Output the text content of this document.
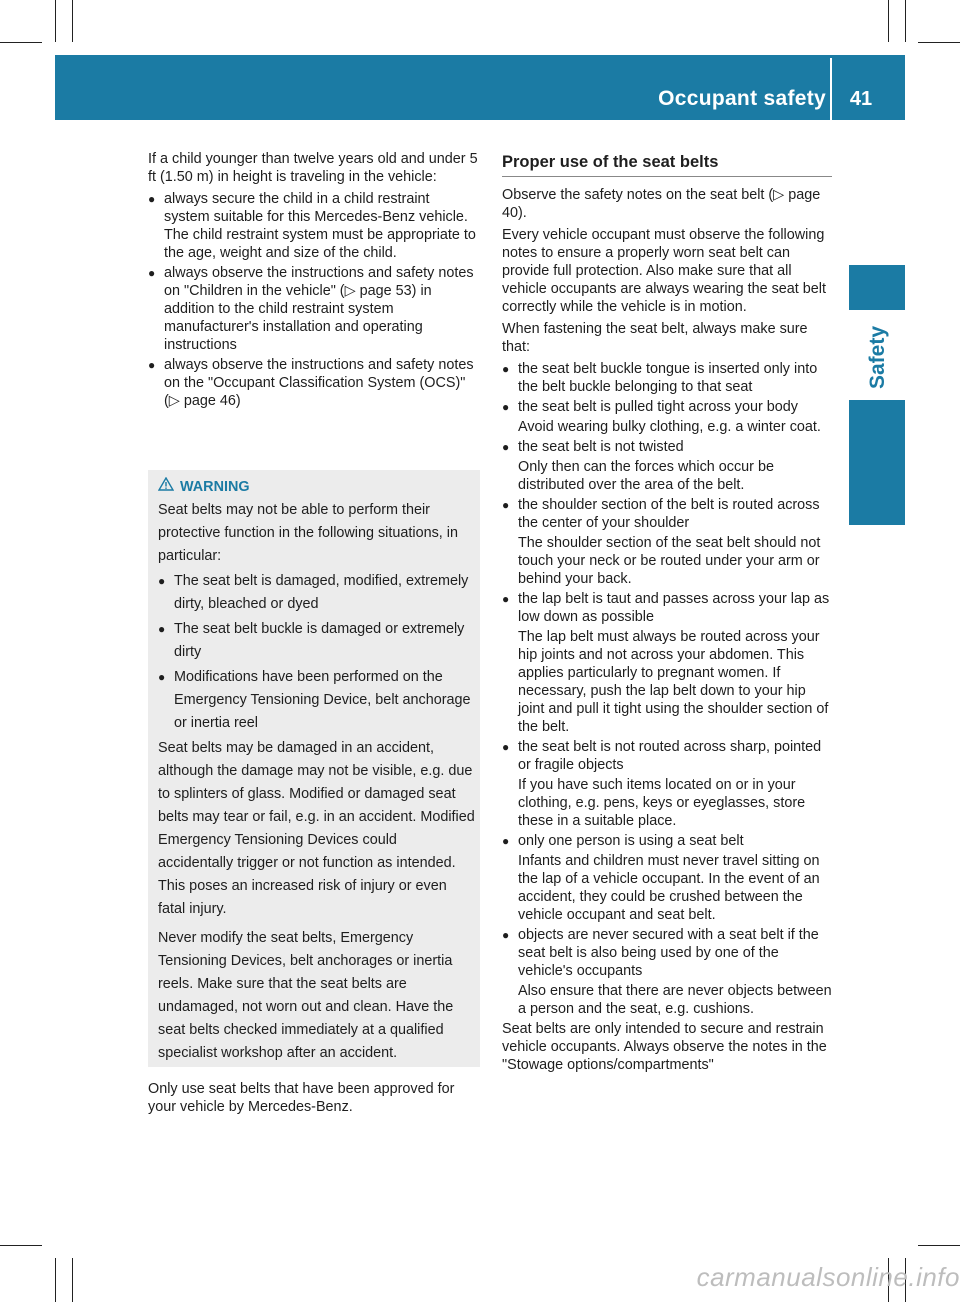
Occupant safety	41
Safety

If a child younger than twelve years old and under 5 ft (1.50 m) in height is traveling in the vehicle:

● always secure the child in a child restraint system suitable for this Mercedes-Benz vehicle. The child restraint system must be appropriate to the age, weight and size of the child.
● always observe the instructions and safety notes on "Children in the vehicle" (▷ page 53) in addition to the child restraint system manufacturer's installation and operating instructions
● always observe the instructions and safety notes on the "Occupant Classification System (OCS)" (▷ page 46)
WARNING

Seat belts may not be able to perform their protective function in the following situations, in particular:

● The seat belt is damaged, modified, extremely dirty, bleached or dyed
● The seat belt buckle is damaged or extremely dirty
● Modifications have been performed on the Emergency Tensioning Device, belt anchorage or inertia reel

Seat belts may be damaged in an accident, although the damage may not be visible, e.g. due to splinters of glass. Modified or damaged seat belts may tear or fail, e.g. in an accident. Modified Emergency Tensioning Devices could accidentally trigger or not function as intended. This poses an increased risk of injury or even fatal injury.

Never modify the seat belts, Emergency Tensioning Devices, belt anchorages or inertia reels. Make sure that the seat belts are undamaged, not worn out and clean. Have the seat belts checked immediately at a qualified specialist workshop after an accident.

Only use seat belts that have been approved for your vehicle by Mercedes-Benz.
Proper use of the seat belts

Observe the safety notes on the seat belt (▷ page 40).

Every vehicle occupant must observe the following notes to ensure a properly worn seat belt can provide full protection. Also make sure that all vehicle occupants are always wearing the seat belt correctly while the vehicle is in motion.

When fastening the seat belt, always make sure that:

● the seat belt buckle tongue is inserted only into the belt buckle belonging to that seat
● the seat belt is pulled tight across your body
Avoid wearing bulky clothing, e.g. a winter coat.
● the seat belt is not twisted
Only then can the forces which occur be distributed over the area of the belt.
● the shoulder section of the belt is routed across the center of your shoulder
The shoulder section of the seat belt should not touch your neck or be routed under your arm or behind your back.
● the lap belt is taut and passes across your lap as low down as possible
The lap belt must always be routed across your hip joints and not across your abdomen. This applies particularly to pregnant women. If necessary, push the lap belt down to your hip joint and pull it tight using the shoulder section of the belt.
● the seat belt is not routed across sharp, pointed or fragile objects
If you have such items located on or in your clothing, e.g. pens, keys or eyeglasses, store these in a suitable place.
● only one person is using a seat belt
Infants and children must never travel sitting on the lap of a vehicle occupant. In the event of an accident, they could be crushed between the vehicle occupant and seat belt.
● objects are never secured with a seat belt if the seat belt is also being used by one of the vehicle's occupants
Also ensure that there are never objects between a person and the seat, e.g. cushions.

Seat belts are only intended to secure and restrain vehicle occupants. Always observe the notes in the "Stowage options/compartments"

carmanualsonline.info
